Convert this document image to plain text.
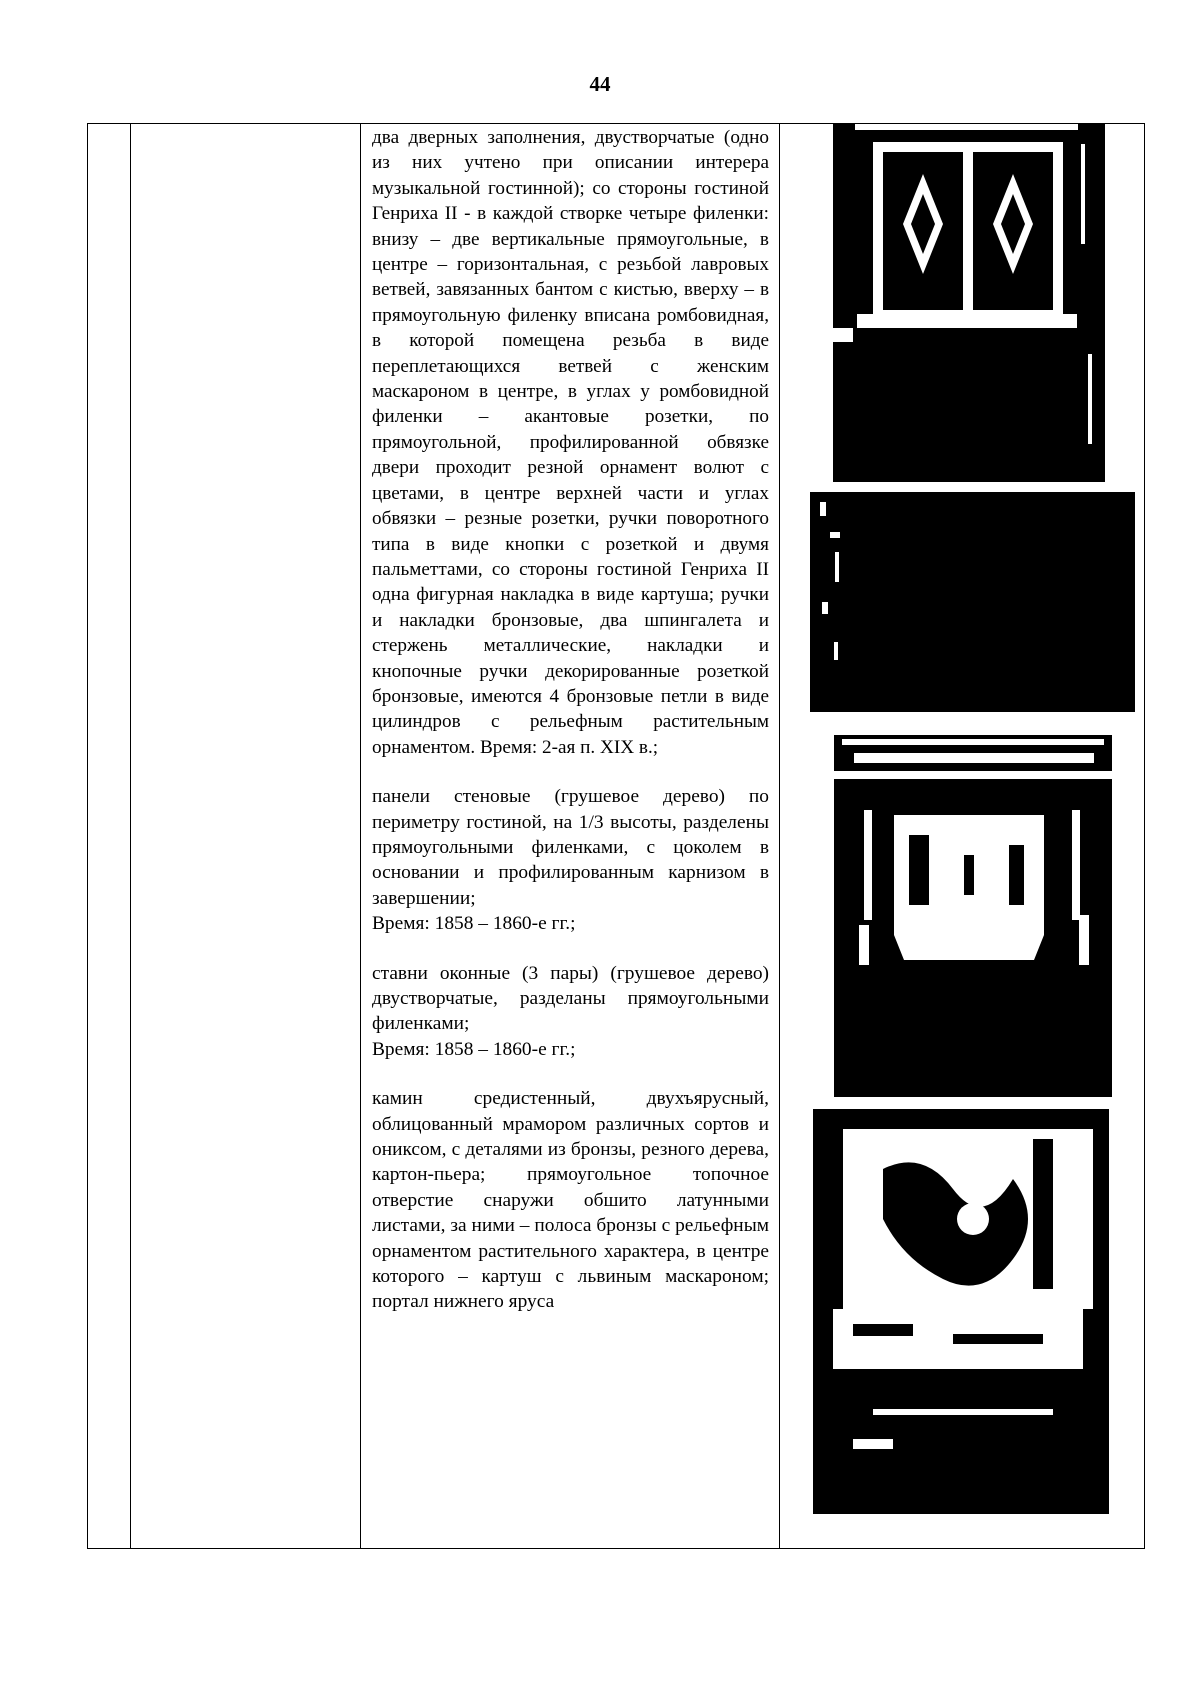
44

два дверных заполнения, двустворчатые (одно из них учтено при описании интерера музыкальной гостинной); со стороны гостиной Генриха II - в каждой створке четыре филенки: внизу – две вертикальные прямоугольные, в центре – горизонтальная, с резьбой лавровых ветвей, завязанных бантом с кистью, вверху – в прямоугольную филенку вписана ромбовидная, в которой помещена резьба в виде переплетающихся ветвей с женским маскароном в центре, в углах у ромбовидной филенки – акантовые розетки, по прямоугольной, профилированной обвязке двери проходит резной орнамент волют с цветами, в центре верхней части и углах обвязки – резные розетки, ручки поворотного типа в виде кнопки с розеткой и двумя пальметтами, со стороны гостиной Генриха II одна фигурная накладка в виде картуша; ручки и накладки бронзовые, два шпингалета и стержень металлические, накладки и кнопочные ручки декорированные розеткой бронзовые, имеются 4 бронзовые петли в виде цилиндров с рельефным растительным орнаментом. Время: 2-ая п. XIX в.;
панели стеновые (грушевое дерево) по периметру гостиной, на 1/3 высоты, разделены прямоугольными филенками, с цоколем в основании и профилированным карнизом в завершении;
Время: 1858 – 1860-е гг.;
ставни оконные (3 пары) (грушевое дерево) двустворчатые, разделаны прямоугольными филенками;
Время: 1858 – 1860-е гг.;
камин средистенный, двухъярусный, облицованный мрамором различных сортов и ониксом, с деталями из бронзы, резного дерева, картон-пьера; прямоугольное топочное отверстие снаружи обшито латунными листами, за ними – полоса бронзы с рельефным орнаментом растительного характера, в центре которого – картуш с львиным маскароном; портал нижнего яруса
